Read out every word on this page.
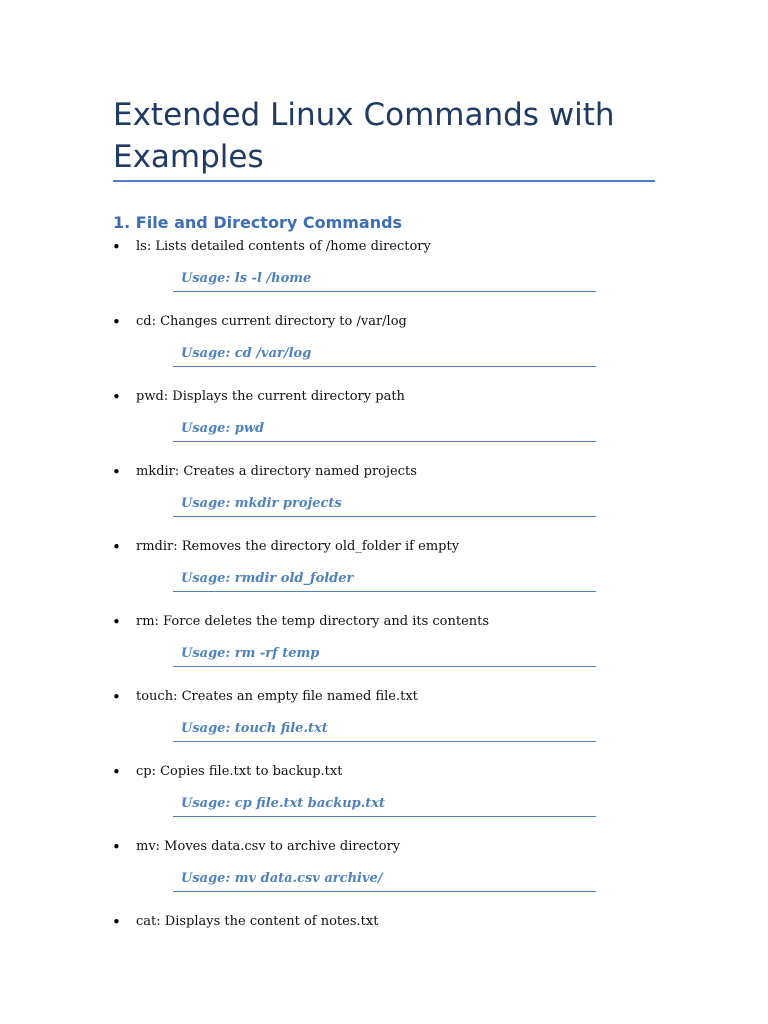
Extended Linux Commands with Examples
1. File and Directory Commands
• ls: Lists detailed contents of /home directory
Usage: ls -l /home
• cd: Changes current directory to /var/log
Usage: cd /var/log
• pwd: Displays the current directory path
Usage: pwd
• mkdir: Creates a directory named projects
Usage: mkdir projects
• rmdir: Removes the directory old_folder if empty
Usage: rmdir old_folder
• rm: Force deletes the temp directory and its contents
Usage: rm -rf temp
• touch: Creates an empty file named file.txt
Usage: touch file.txt
• cp: Copies file.txt to backup.txt
Usage: cp file.txt backup.txt
• mv: Moves data.csv to archive directory
Usage: mv data.csv archive/
• cat: Displays the content of notes.txt
